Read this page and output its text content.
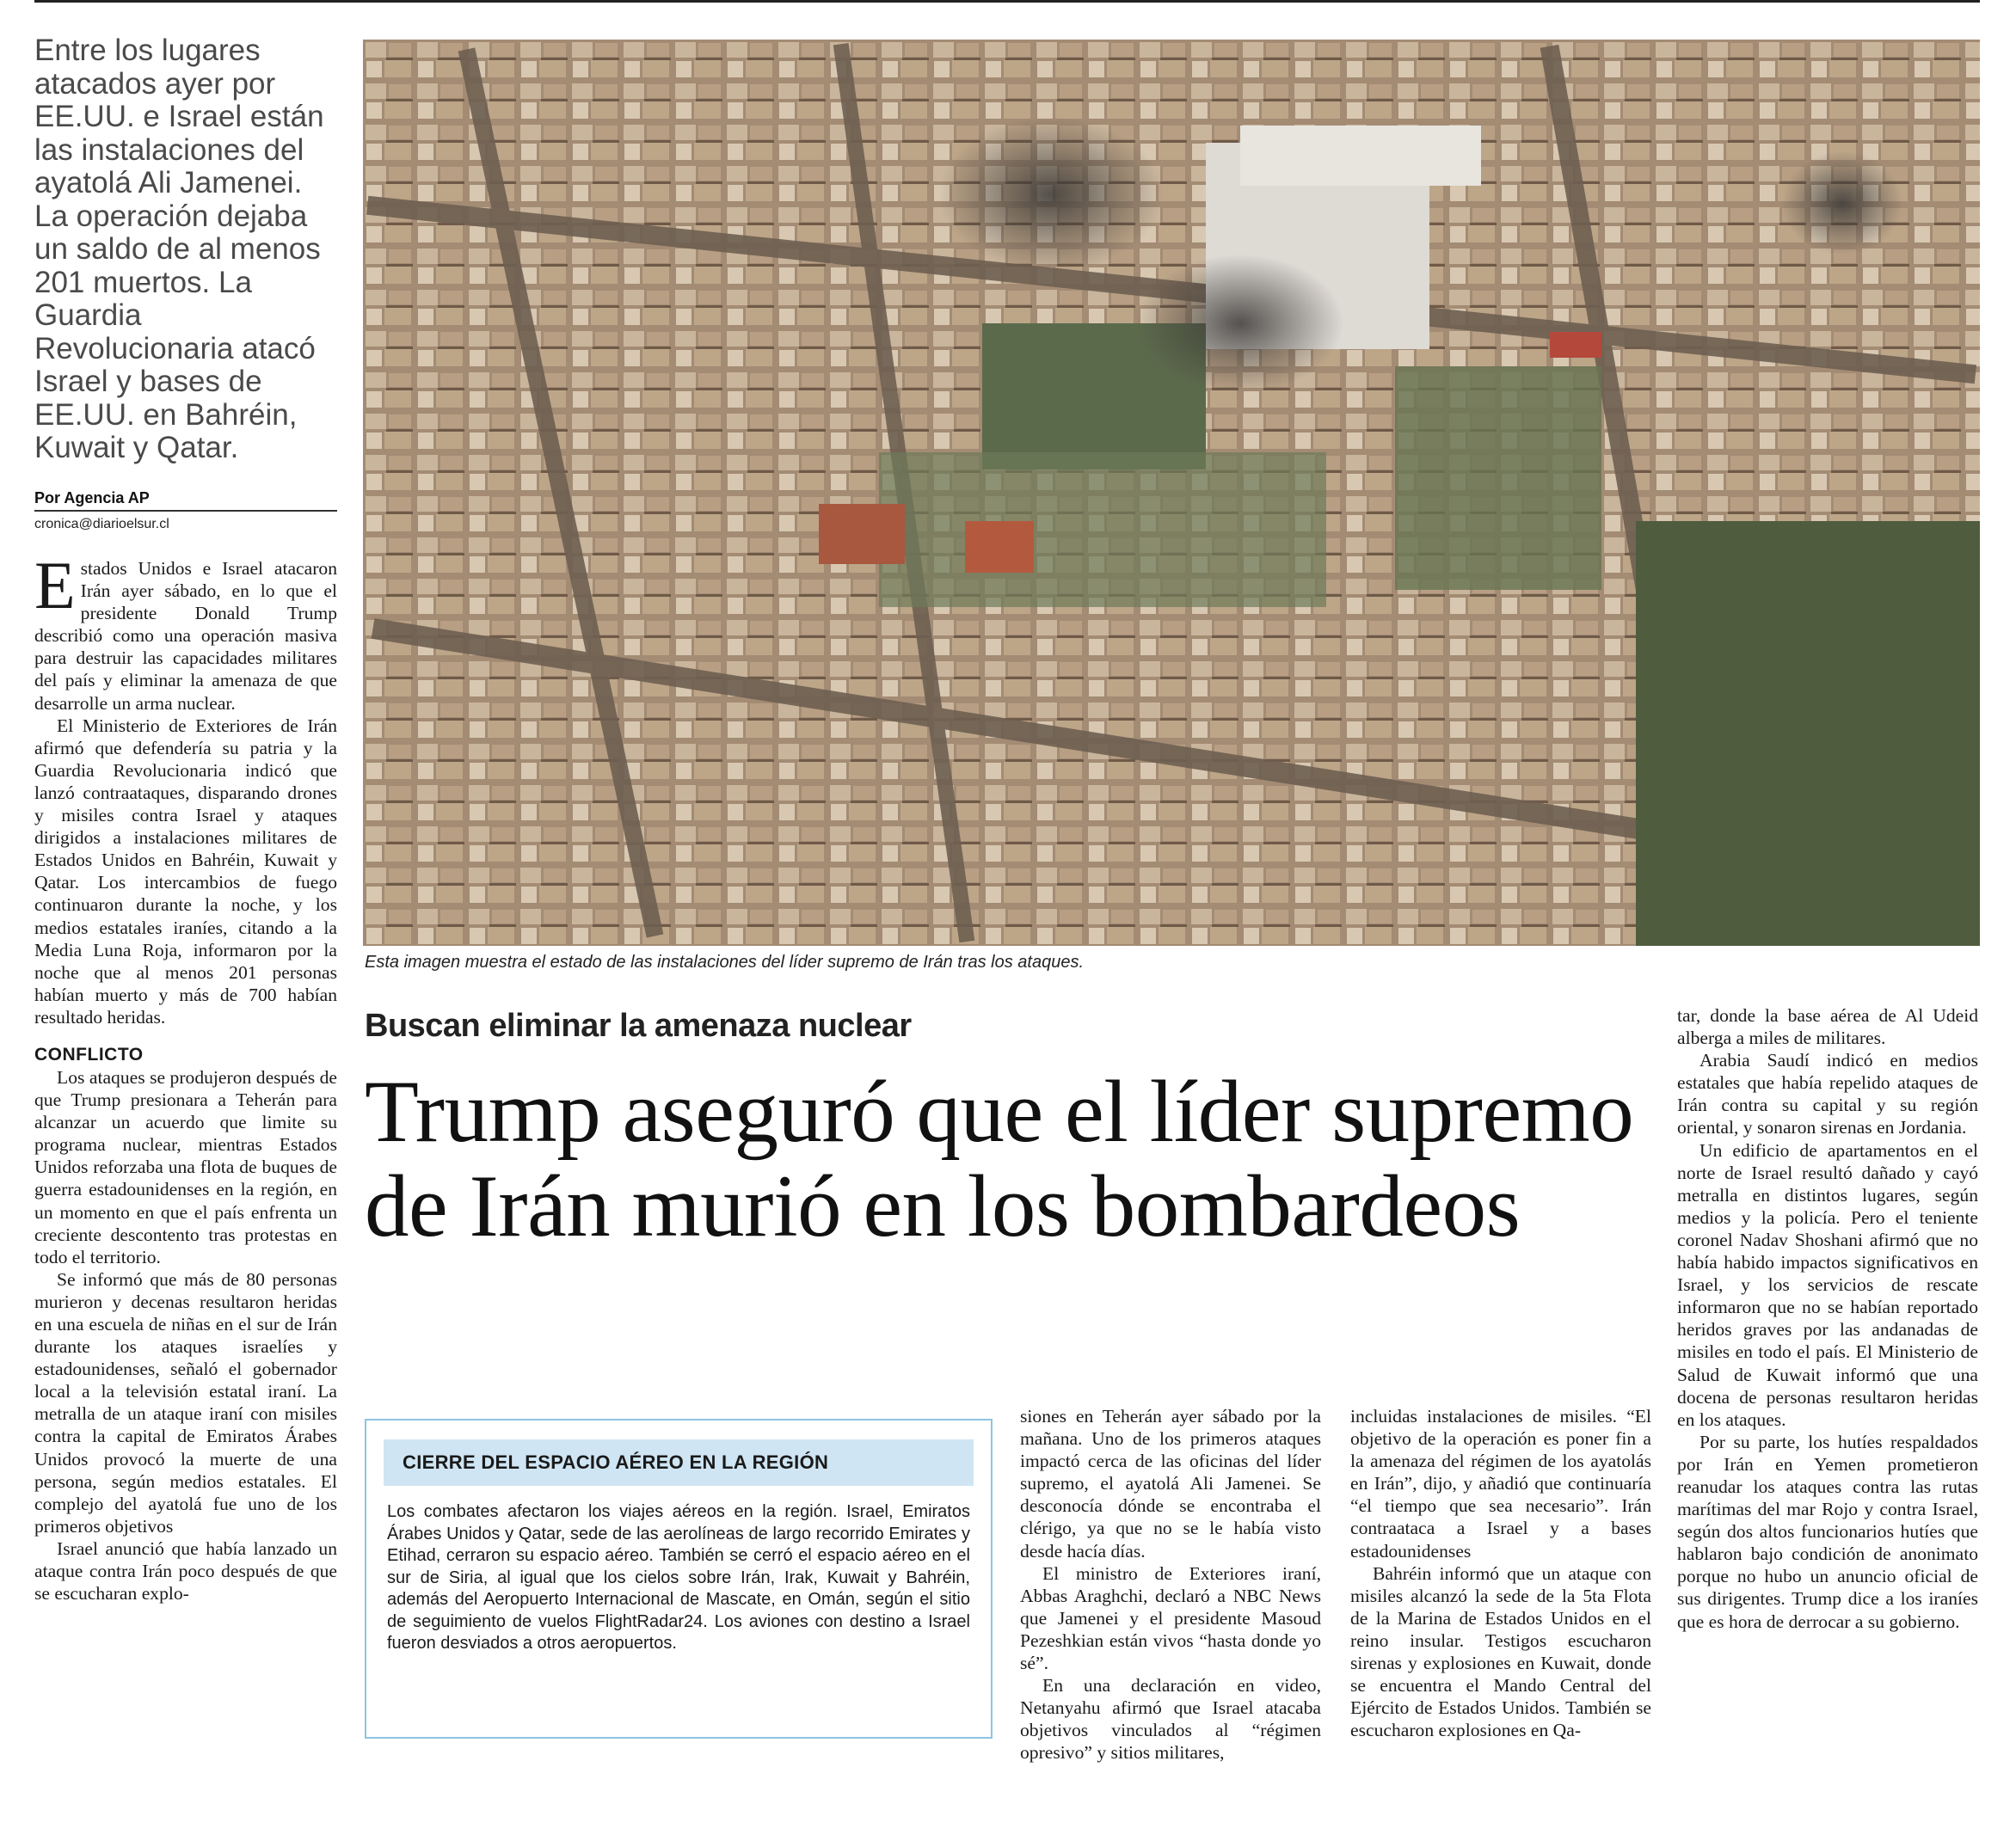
Entre los lugares atacados ayer por EE.UU. e Israel están las instalaciones del ayatolá Ali Jamenei. La operación dejaba un saldo de al menos 201 muertos. La Guardia Revolucionaria atacó Israel y bases de EE.UU. en Bahréin, Kuwait y Qatar.
Por Agencia AP
cronica@diarioelsur.cl

Estados Unidos e Israel atacaron Irán ayer sábado, en lo que el presidente Donald Trump describió como una operación masiva para destruir las capacidades militares del país y eliminar la amenaza de que desarrolle un arma nuclear.

El Ministerio de Exteriores de Irán afirmó que defendería su patria y la Guardia Revolucionaria indicó que lanzó contraataques, disparando drones y misiles contra Israel y ataques dirigidos a instalaciones militares de Estados Unidos en Bahréin, Kuwait y Qatar. Los intercambios de fuego continuaron durante la noche, y los medios estatales iraníes, citando a la Media Luna Roja, informaron por la noche que al menos 201 personas habían muerto y más de 700 habían resultado heridas.

CONFLICTO

Los ataques se produjeron después de que Trump presionara a Teherán para alcanzar un acuerdo que limite su programa nuclear, mientras Estados Unidos reforzaba una flota de buques de guerra estadounidenses en la región, en un momento en que el país enfrenta un creciente descontento tras protestas en todo el territorio.

Se informó que más de 80 personas murieron y decenas resultaron heridas en una escuela de niñas en el sur de Irán durante los ataques israelíes y estadounidenses, señaló el gobernador local a la televisión estatal iraní. La metralla de un ataque iraní con misiles contra la capital de Emiratos Árabes Unidos provocó la muerte de una persona, según medios estatales. El complejo del ayatolá fue uno de los primeros objetivos

Israel anunció que había lanzado un ataque contra Irán poco después de que se escucharan explo-

Esta imagen muestra el estado de las instalaciones del líder supremo de Irán tras los ataques.
Buscan eliminar la amenaza nuclear
Trump aseguró que el líder supremo de Irán murió en los bombardeos
CIERRE DEL ESPACIO AÉREO EN LA REGIÓN
Los combates afectaron los viajes aéreos en la región. Israel, Emiratos Árabes Unidos y Qatar, sede de las aerolíneas de largo recorrido Emirates y Etihad, cerraron su espacio aéreo. También se cerró el espacio aéreo en el sur de Siria, al igual que los cielos sobre Irán, Irak, Kuwait y Bahréin, además del Aeropuerto Internacional de Mascate, en Omán, según el sitio de seguimiento de vuelos FlightRadar24. Los aviones con destino a Israel fueron desviados a otros aeropuertos.

siones en Teherán ayer sábado por la mañana. Uno de los primeros ataques impactó cerca de las oficinas del líder supremo, el ayatolá Ali Jamenei. Se desconocía dónde se encontraba el clérigo, ya que no se le había visto desde hacía días.

El ministro de Exteriores iraní, Abbas Araghchi, declaró a NBC News que Jamenei y el presidente Masoud Pezeshkian están vivos “hasta donde yo sé”.

En una declaración en video, Netanyahu afirmó que Israel atacaba objetivos vinculados al “régimen opresivo” y sitios militares,

incluidas instalaciones de misiles. “El objetivo de la operación es poner fin a la amenaza del régimen de los ayatolás en Irán”, dijo, y añadió que continuaría “el tiempo que sea necesario”. Irán contraataca a Israel y a bases estadounidenses

Bahréin informó que un ataque con misiles alcanzó la sede de la 5ta Flota de la Marina de Estados Unidos en el reino insular. Testigos escucharon sirenas y explosiones en Kuwait, donde se encuentra el Mando Central del Ejército de Estados Unidos. También se escucharon explosiones en Qa-

tar, donde la base aérea de Al Udeid alberga a miles de militares.

Arabia Saudí indicó en medios estatales que había repelido ataques de Irán contra su capital y su región oriental, y sonaron sirenas en Jordania.

Un edificio de apartamentos en el norte de Israel resultó dañado y cayó metralla en distintos lugares, según medios y la policía. Pero el teniente coronel Nadav Shoshani afirmó que no había habido impactos significativos en Israel, y los servicios de rescate informaron que no se habían reportado heridos graves por las andanadas de misiles en todo el país. El Ministerio de Salud de Kuwait informó que una docena de personas resultaron heridas en los ataques.

Por su parte, los hutíes respaldados por Irán en Yemen prometieron reanudar los ataques contra las rutas marítimas del mar Rojo y contra Israel, según dos altos funcionarios hutíes que hablaron bajo condición de anonimato porque no hubo un anuncio oficial de sus dirigentes. Trump dice a los iraníes que es hora de derrocar a su gobierno.
